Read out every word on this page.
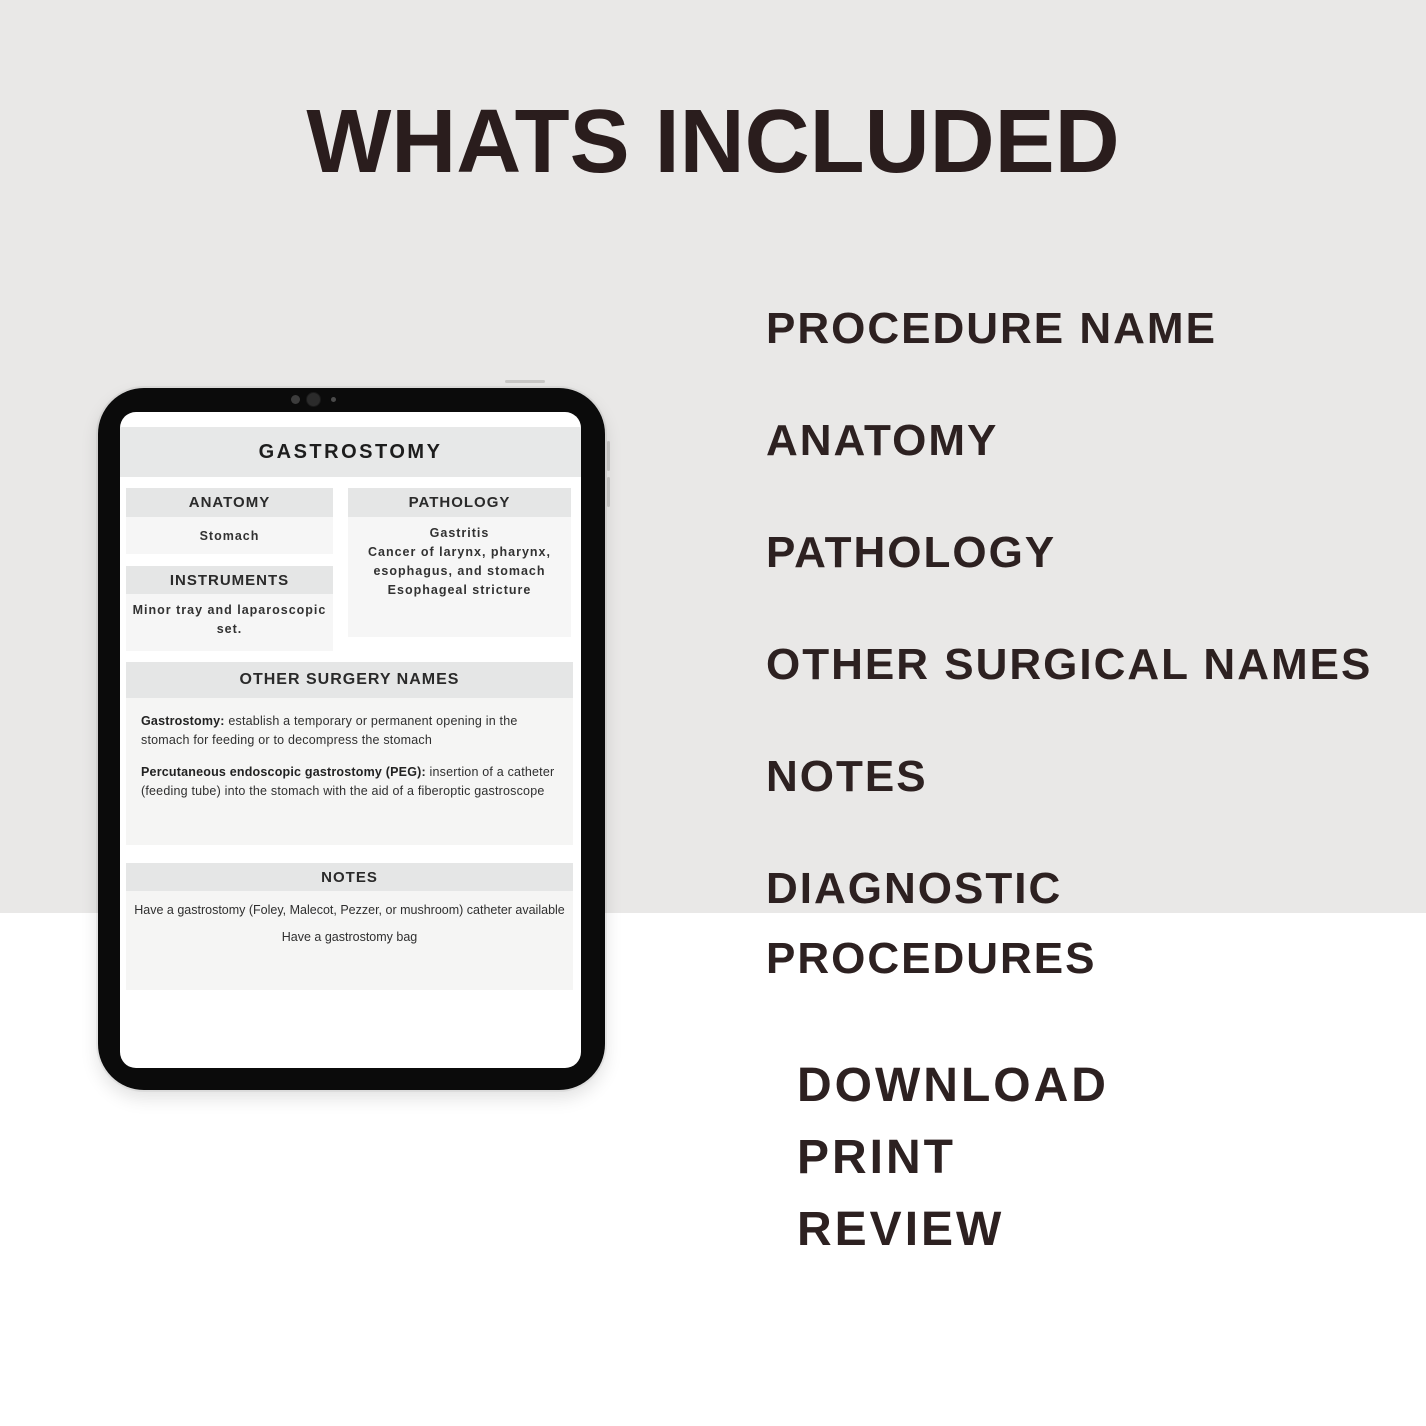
WHATS INCLUDED
GASTROSTOMY
ANATOMY
Stomach
INSTRUMENTS
Minor tray and laparoscopic set.
PATHOLOGY
Gastritis
Cancer of larynx, pharynx, esophagus, and stomach
Esophageal stricture
OTHER SURGERY NAMES

Gastrostomy: establish a temporary or permanent opening in the stomach for feeding or to decompress the stomach

Percutaneous endoscopic gastrostomy (PEG): insertion of a catheter (feeding tube) into the stomach with the aid of a fiberoptic gastroscope

NOTES

Have a gastrostomy (Foley, Malecot, Pezzer, or mushroom) catheter available

Have a gastrostomy bag

PROCEDURE NAME
ANATOMY
PATHOLOGY
OTHER SURGICAL NAMES
NOTES
DIAGNOSTIC PROCEDURES
DOWNLOAD
PRINT
REVIEW
